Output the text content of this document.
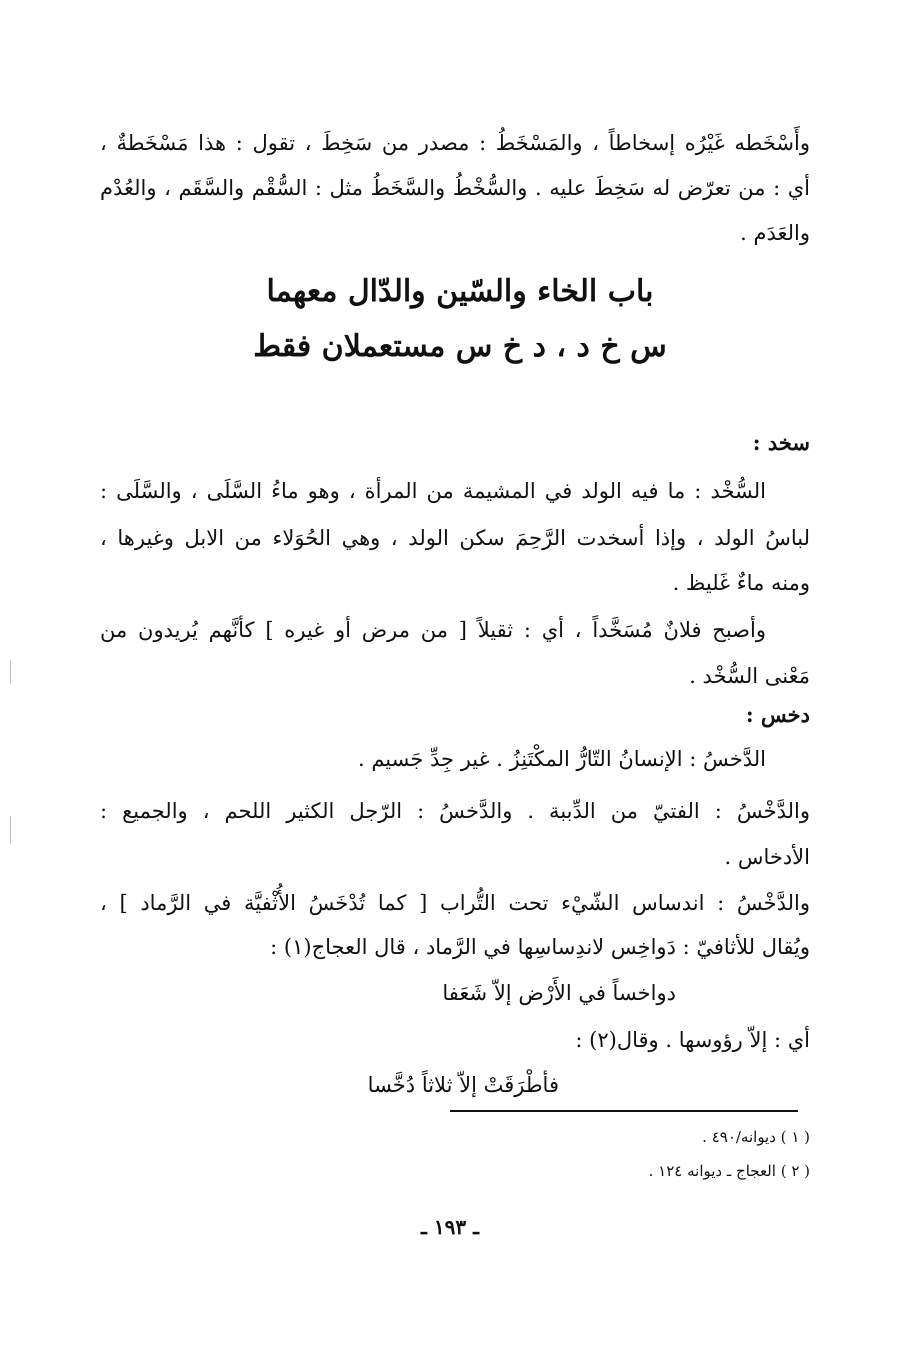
وأَسْخَطه غَيْرُه إسخاطاً ، والمَسْخَطُ : مصدر من سَخِطَ ، تقول : هذا مَسْخَطةٌ ،
أي : من تعرّض له سَخِطَ عليه . والسُّخْطُ والسَّخَطُ مثل : السُّقْم والسَّقَم ، والعُدْم
والعَدَم .
باب الخاء والسّين والدّال معهما
س خ د ، د خ س مستعملان فقط
سخد :
السُّخْد : ما فيه الولد في المشيمة من المرأة ، وهو ماءُ السَّلَى ، والسَّلَى :
لباسُ الولد ، وإذا أسخدت الرَّحِمَ سكن الولد ، وهي الحُوَلاء من الابل وغيرها ،
ومنه ماءٌ غَليظ .
وأصبح فلانٌ مُسَخَّداً ، أي : ثقيلاً [ من مرض أو غيره ] كأنَّهم يُريدون من
مَعْنى السُّخْد .
دخس :
الدَّخسُ : الإنسانُ التّارُّ المكْتَنِزُ . غير جِدِّ جَسيم .
والدَّخْسُ : الفتيّ من الدِّببة . والدَّخسُ : الرّجل الكثير اللحم ، والجميع :
الأدخاس .
والدَّخْسُ : اندساس الشّيْء تحت التُّراب [ كما تُدْخَسُ الأُثْفيَّة في الرَّماد ] ،
ويُقال للأثافيّ : دَواخِس لاندِساسِها في الرَّماد ، قال العجاج(١) :
دواخساً في الأَرْض إلاّ شَعَفا
أي : إلاّ رؤوسها . وقال(٢) :
فأطْرَقَتْ إلاّ ثلاثاً دُخَّسا
( ١ ) ديوانه/٤٩٠ .
( ٢ ) العجاج ـ ديوانه ١٢٤ .
ـ ١٩٣ ـ
